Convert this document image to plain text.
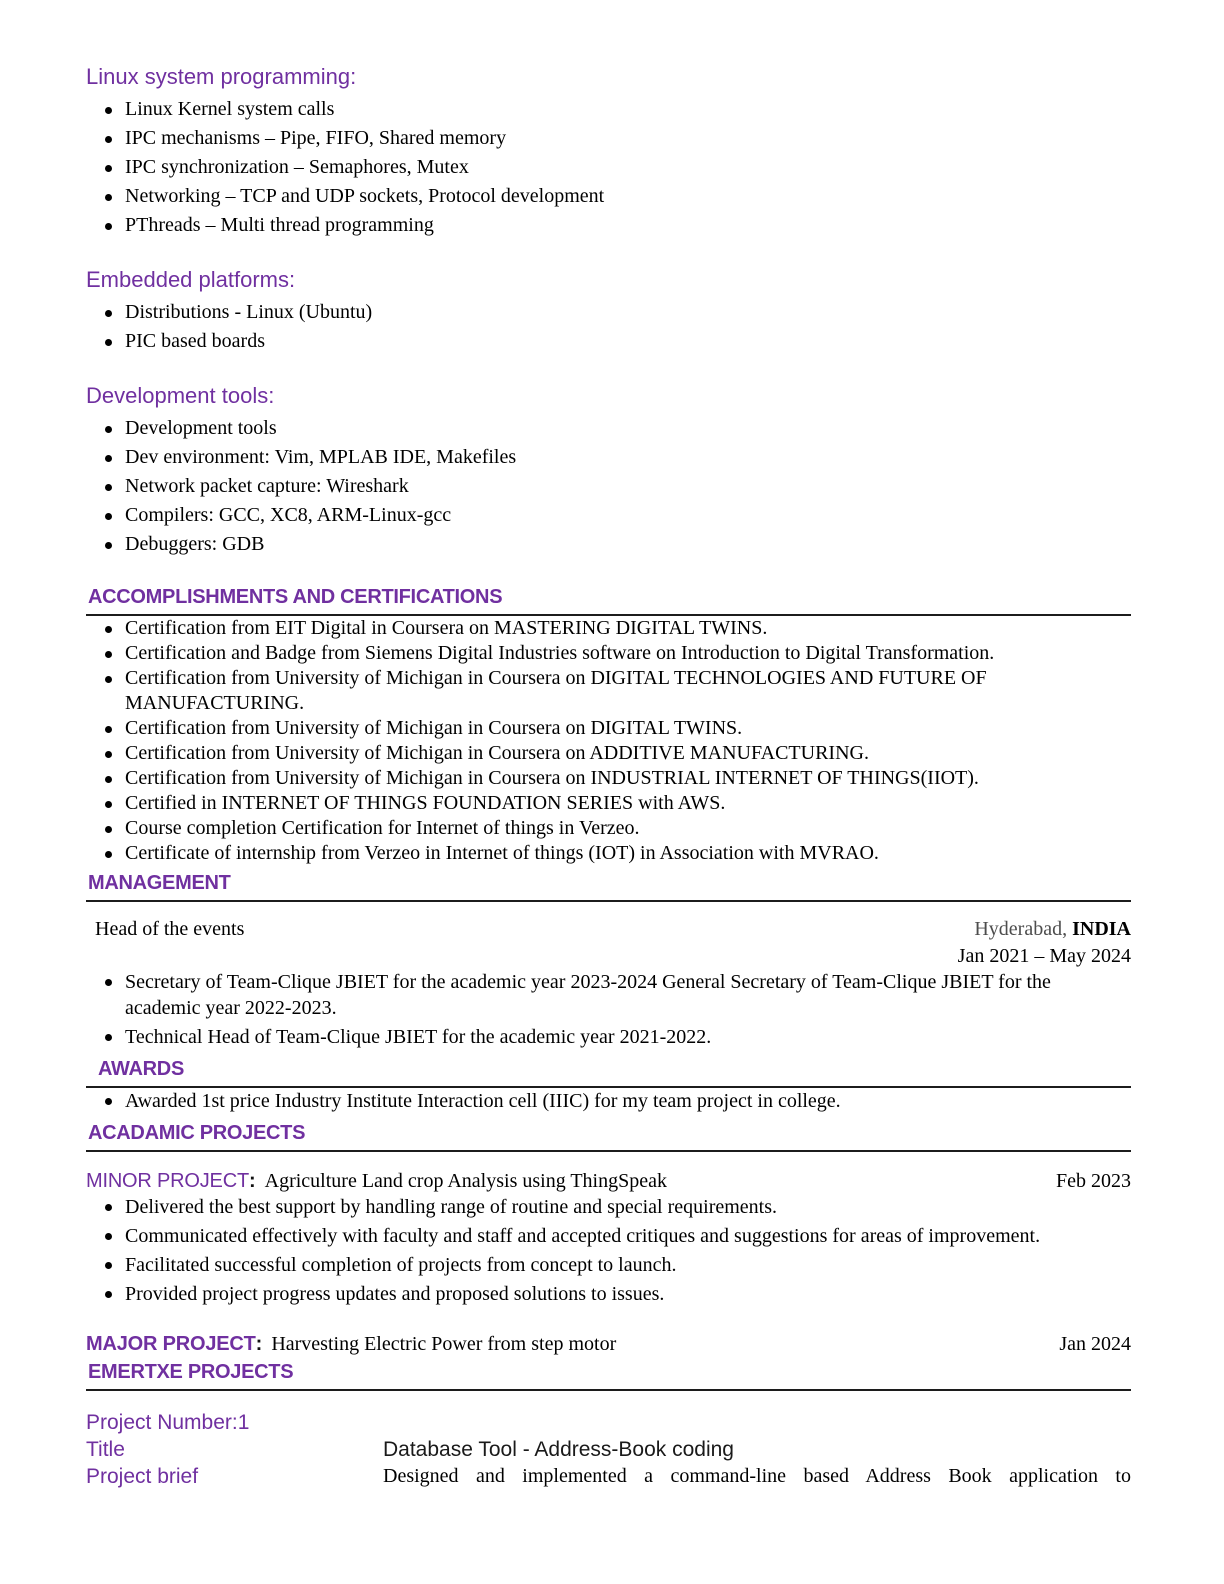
Linux system programming:
Linux Kernel system calls
IPC mechanisms – Pipe, FIFO, Shared memory
IPC synchronization – Semaphores, Mutex
Networking – TCP and UDP sockets, Protocol development
PThreads – Multi thread programming
Embedded platforms:
Distributions - Linux (Ubuntu)
PIC based boards
Development tools:
Development tools
Dev environment: Vim, MPLAB IDE, Makefiles
Network packet capture: Wireshark
Compilers: GCC, XC8, ARM-Linux-gcc
Debuggers: GDB
ACCOMPLISHMENTS AND CERTIFICATIONS
Certification from EIT Digital in Coursera on MASTERING DIGITAL TWINS.
Certification and Badge from Siemens Digital Industries software on Introduction to Digital Transformation.
Certification from University of Michigan in Coursera on DIGITAL TECHNOLOGIES AND FUTURE OF MANUFACTURING.
Certification from University of Michigan in Coursera on DIGITAL TWINS.
Certification from University of Michigan in Coursera on ADDITIVE MANUFACTURING.
Certification from University of Michigan in Coursera on INDUSTRIAL INTERNET OF THINGS(IIOT).
Certified in INTERNET OF THINGS FOUNDATION SERIES with AWS.
Course completion Certification for Internet of things in Verzeo.
Certificate of internship from Verzeo in Internet of things (IOT) in Association with MVRAO.
MANAGEMENT
Head of the events	Hyderabad, INDIA
Jan 2021 – May 2024
Secretary of Team-Clique JBIET for the academic year 2023-2024 General Secretary of Team-Clique JBIET for the academic year 2022-2023.
Technical Head of Team-Clique JBIET for the academic year 2021-2022.
AWARDS
Awarded 1st price Industry Institute Interaction cell (IIIC) for my team project in college.
ACADAMIC PROJECTS
MINOR PROJECT : Agriculture Land crop Analysis using ThingSpeak	Feb 2023
Delivered the best support by handling range of routine and special requirements.
Communicated effectively with faculty and staff and accepted critiques and suggestions for areas of improvement.
Facilitated successful completion of projects from concept to launch.
Provided project progress updates and proposed solutions to issues.
MAJOR PROJECT : Harvesting Electric Power from step motor	Jan 2024
EMERTXE PROJECTS
Project Number:1
Title	Database Tool - Address-Book coding
Project brief	Designed and implemented a command-line based Address Book application to
